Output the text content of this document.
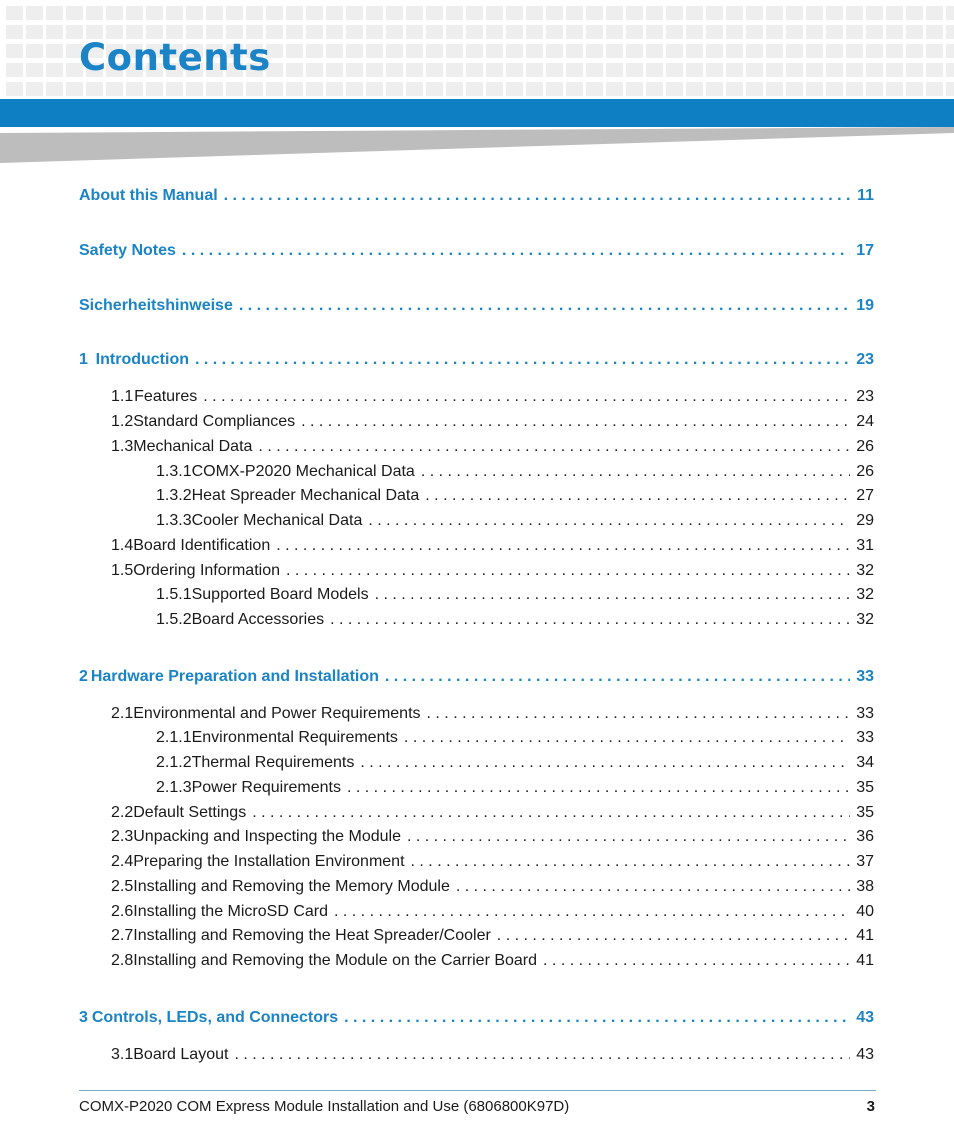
Contents
About this Manual . . .	11
Safety Notes . . .	17
Sicherheitshinweise . . .	19
1 Introduction . . .	23
1.1 Features . . .	23
1.2 Standard Compliances . . .	24
1.3 Mechanical Data . . .	26
1.3.1 COMX-P2020 Mechanical Data . . .	26
1.3.2 Heat Spreader Mechanical Data . . .	27
1.3.3 Cooler Mechanical Data . . .	29
1.4 Board Identification . . .	31
1.5 Ordering Information . . .	32
1.5.1 Supported Board Models . . .	32
1.5.2 Board Accessories . . .	32
2 Hardware Preparation and Installation . . .	33
2.1 Environmental and Power Requirements . . .	33
2.1.1 Environmental Requirements . . .	33
2.1.2 Thermal Requirements . . .	34
2.1.3 Power Requirements . . .	35
2.2 Default Settings . . .	35
2.3 Unpacking and Inspecting the Module . . .	36
2.4 Preparing the Installation Environment . . .	37
2.5 Installing and Removing the Memory Module . . .	38
2.6 Installing the MicroSD Card . . .	40
2.7 Installing and Removing the Heat Spreader/Cooler . . .	41
2.8 Installing and Removing the Module on the Carrier Board . . .	41
3 Controls, LEDs, and Connectors . . .	43
3.1 Board Layout . . .	43
COMX-P2020 COM Express Module Installation and Use (6806800K97D)	3
